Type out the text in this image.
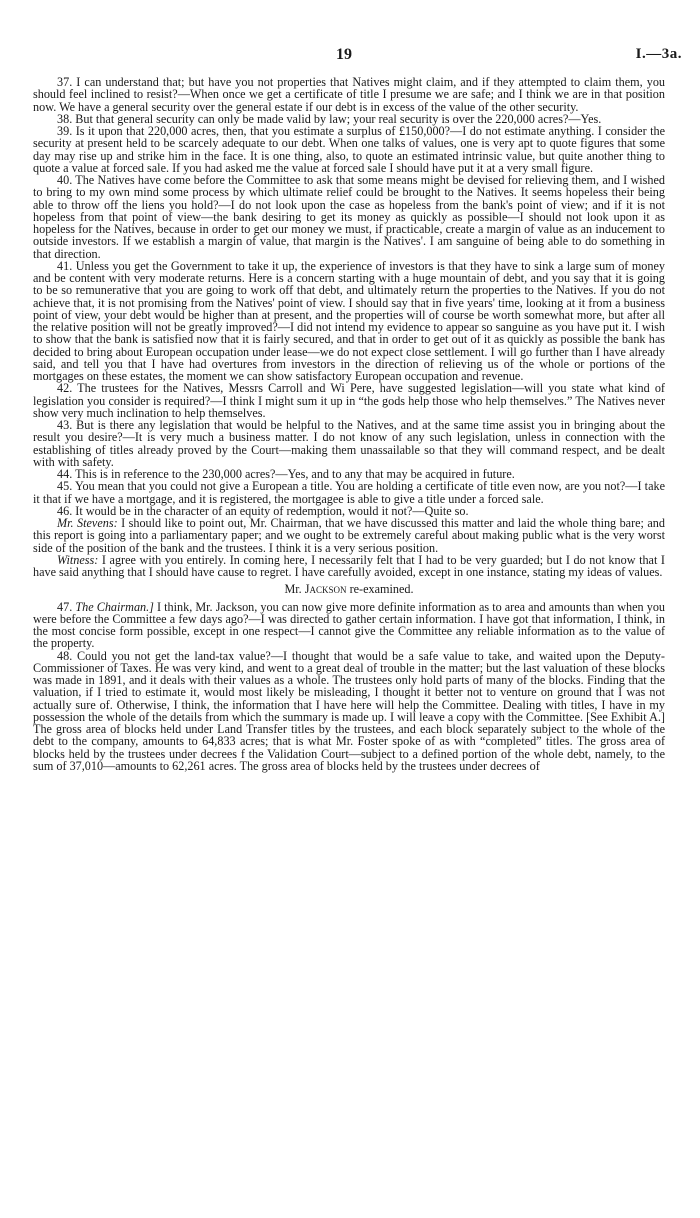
19	I.—3a.

37. I can understand that; but have you not properties that Natives might claim, and if they attempted to claim them, you should feel inclined to resist?—When once we get a certificate of title I presume we are safe; and I think we are in that position now. We have a general security over the general estate if our debt is in excess of the value of the other security.

38. But that general security can only be made valid by law; your real security is over the 220,000 acres?—Yes.

39. Is it upon that 220,000 acres, then, that you estimate a surplus of £150,000?—I do not estimate anything. I consider the security at present held to be scarcely adequate to our debt. When one talks of values, one is very apt to quote figures that some day may rise up and strike him in the face. It is one thing, also, to quote an estimated intrinsic value, but quite another thing to quote a value at forced sale. If you had asked me the value at forced sale I should have put it at a very small figure.

40. The Natives have come before the Committee to ask that some means might be devised for relieving them, and I wished to bring to my own mind some process by which ultimate relief could be brought to the Natives. It seems hopeless their being able to throw off the liens you hold?—I do not look upon the case as hopeless from the bank's point of view; and if it is not hopeless from that point of view—the bank desiring to get its money as quickly as possible—I should not look upon it as hopeless for the Natives, because in order to get our money we must, if practicable, create a margin of value as an inducement to outside investors. If we establish a margin of value, that margin is the Natives'. I am sanguine of being able to do something in that direction.

41. Unless you get the Government to take it up, the experience of investors is that they have to sink a large sum of money and be content with very moderate returns. Here is a concern starting with a huge mountain of debt, and you say that it is going to be so remunerative that you are going to work off that debt, and ultimately return the properties to the Natives. If you do not achieve that, it is not promising from the Natives' point of view. I should say that in five years' time, looking at it from a business point of view, your debt would be higher than at present, and the properties will of course be worth somewhat more, but after all the relative position will not be greatly improved?—I did not intend my evidence to appear so sanguine as you have put it. I wish to show that the bank is satisfied now that it is fairly secured, and that in order to get out of it as quickly as possible the bank has decided to bring about European occupation under lease—we do not expect close settlement. I will go further than I have already said, and tell you that I have had overtures from investors in the direction of relieving us of the whole or portions of the mortgages on these estates, the moment we can show satisfactory European occupation and revenue.

42. The trustees for the Natives, Messrs Carroll and Wi Pere, have suggested legislation—will you state what kind of legislation you consider is required?—I think I might sum it up in “the gods help those who help themselves.” The Natives never show very much inclination to help themselves.

43. But is there any legislation that would be helpful to the Natives, and at the same time assist you in bringing about the result you desire?—It is very much a business matter. I do not know of any such legislation, unless in connection with the establishing of titles already proved by the Court—making them unassailable so that they will command respect, and be dealt with with safety.

44. This is in reference to the 230,000 acres?—Yes, and to any that may be acquired in future.

45. You mean that you could not give a European a title. You are holding a certificate of title even now, are you not?—I take it that if we have a mortgage, and it is registered, the mortgagee is able to give a title under a forced sale.

46. It would be in the character of an equity of redemption, would it not?—Quite so.

Mr. Stevens: I should like to point out, Mr. Chairman, that we have discussed this matter and laid the whole thing bare; and this report is going into a parliamentary paper; and we ought to be extremely careful about making public what is the very worst side of the position of the bank and the trustees. I think it is a very serious position.

Witness: I agree with you entirely. In coming here, I necessarily felt that I had to be very guarded; but I do not know that I have said anything that I should have cause to regret. I have carefully avoided, except in one instance, stating my ideas of values.

Mr. Jackson re-examined.

47. The Chairman.] I think, Mr. Jackson, you can now give more definite information as to area and amounts than when you were before the Committee a few days ago?—I was directed to gather certain information. I have got that information, I think, in the most concise form possible, except in one respect—I cannot give the Committee any reliable information as to the value of the property.

48. Could you not get the land-tax value?—I thought that would be a safe value to take, and waited upon the Deputy-Commissioner of Taxes. He was very kind, and went to a great deal of trouble in the matter; but the last valuation of these blocks was made in 1891, and it deals with their values as a whole. The trustees only hold parts of many of the blocks. Finding that the valuation, if I tried to estimate it, would most likely be misleading, I thought it better not to venture on ground that I was not actually sure of. Otherwise, I think, the information that I have here will help the Committee. Dealing with titles, I have in my possession the whole of the details from which the summary is made up. I will leave a copy with the Committee. [See Exhibit A.] The gross area of blocks held under Land Transfer titles by the trustees, and each block separately subject to the whole of the debt to the company, amounts to 64,833 acres; that is what Mr. Foster spoke of as with “completed” titles. The gross area of blocks held by the trustees under decrees f the Validation Court—subject to a defined portion of the whole debt, namely, to the sum of 37,010—amounts to 62,261 acres. The gross area of blocks held by the trustees under decrees of
